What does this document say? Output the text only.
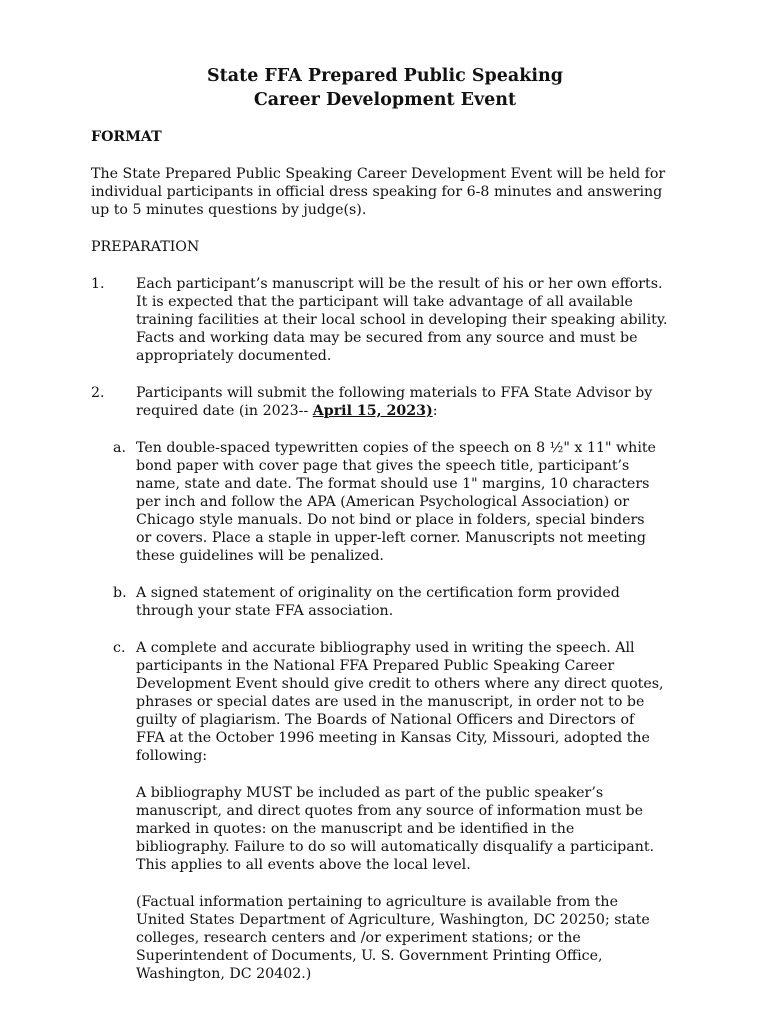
State FFA Prepared Public Speaking
Career Development Event

FORMAT

The State Prepared Public Speaking Career Development Event will be held for

individual participants in official dress speaking for 6-8 minutes and answering

up to 5 minutes questions by judge(s).

PREPARATION

1. Each participant’s manuscript will be the result of his or her own efforts.

It is expected that the participant will take advantage of all available

training facilities at their local school in developing their speaking ability.

Facts and working data may be secured from any source and must be

appropriately documented.

2. Participants will submit the following materials to FFA State Advisor by

required date (in 2023-- April 15, 2023):

a. Ten double-spaced typewritten copies of the speech on 8 ½" x 11" white

bond paper with cover page that gives the speech title, participant’s

name, state and date. The format should use 1" margins, 10 characters

per inch and follow the APA (American Psychological Association) or

Chicago style manuals. Do not bind or place in folders, special binders

or covers. Place a staple in upper-left corner. Manuscripts not meeting

these guidelines will be penalized.

b. A signed statement of originality on the certification form provided

through your state FFA association.

c. A complete and accurate bibliography used in writing the speech. All

participants in the National FFA Prepared Public Speaking Career

Development Event should give credit to others where any direct quotes,

phrases or special dates are used in the manuscript, in order not to be

guilty of plagiarism. The Boards of National Officers and Directors of

FFA at the October 1996 meeting in Kansas City, Missouri, adopted the

following:

A bibliography MUST be included as part of the public speaker’s

manuscript, and direct quotes from any source of information must be

marked in quotes: on the manuscript and be identified in the

bibliography. Failure to do so will automatically disqualify a participant.

This applies to all events above the local level.

(Factual information pertaining to agriculture is available from the

United States Department of Agriculture, Washington, DC 20250; state

colleges, research centers and /or experiment stations; or the

Superintendent of Documents, U. S. Government Printing Office,

Washington, DC 20402.)
